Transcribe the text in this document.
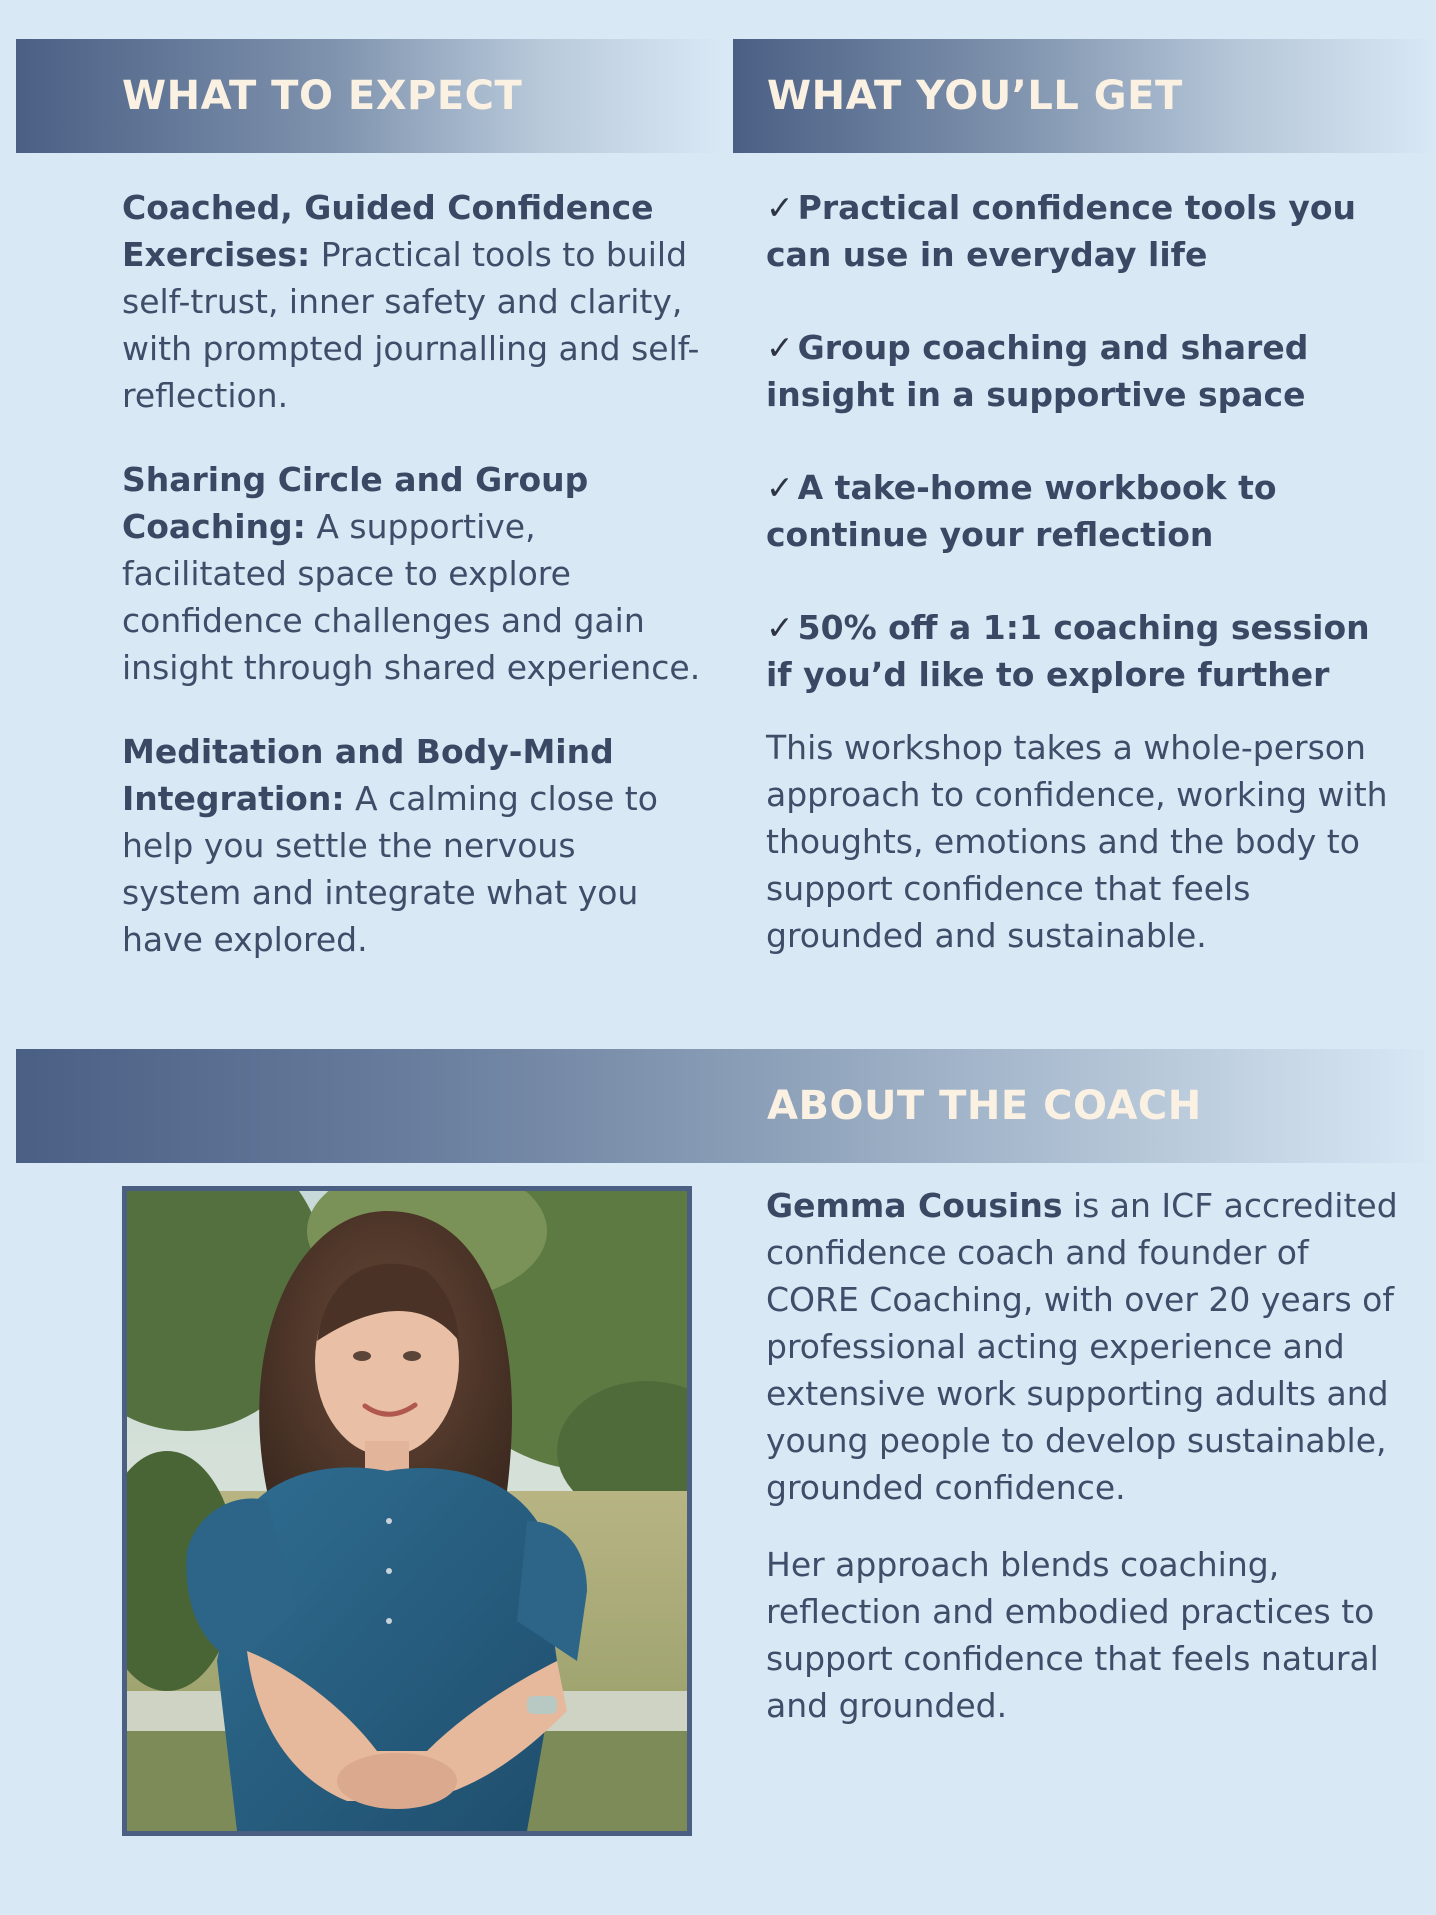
WHAT TO EXPECT	WHAT YOU’LL GET

Coached, Guided Confidence Exercises: Practical tools to build self-trust, inner safety and clarity, with prompted journalling and self-reflection.

Sharing Circle and Group Coaching: A supportive, facilitated space to explore confidence challenges and gain insight through shared experience.

Meditation and Body-Mind Integration: A calming close to help you settle the nervous system and integrate what you have explored.

✓ Practical confidence tools you can use in everyday life

✓ Group coaching and shared insight in a supportive space

✓ A take-home workbook to continue your reflection

✓ 50% off a 1:1 coaching session if you’d like to explore further

This workshop takes a whole-person approach to confidence, working with thoughts, emotions and the body to support confidence that feels grounded and sustainable.

ABOUT THE COACH

Gemma Cousins is an ICF accredited confidence coach and founder of CORE Coaching, with over 20 years of professional acting experience and extensive work supporting adults and young people to develop sustainable, grounded confidence.

Her approach blends coaching, reflection and embodied practices to support confidence that feels natural and grounded.
